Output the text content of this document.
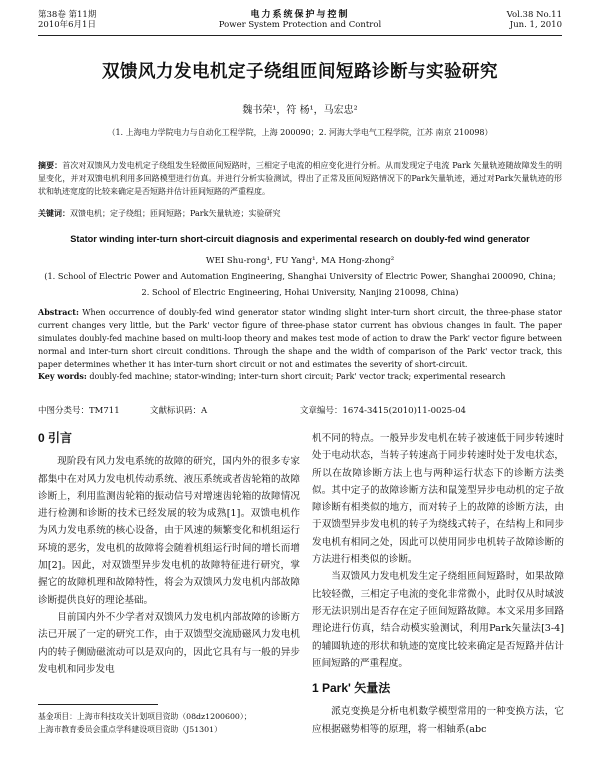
第38卷 第11期
2010年6月1日
电力系统保护与控制
Power System Protection and Control
Vol.38 No.11
Jun. 1, 2010
双馈风力发电机定子绕组匝间短路诊断与实验研究
魏书荣¹，符 杨¹，马宏忠²
（1. 上海电力学院电力与自动化工程学院，上海 200090；2. 河海大学电气工程学院，江苏 南京 210098）
摘要：首次对双馈风力发电机定子绕组发生轻微匝间短路时，三相定子电流的相应变化进行分析。从而发现定子电流 Park 矢量轨迹随故障发生的明显变化，并对双馈电机利用多回路模型进行仿真。并进行分析实验测试，得出了正常及匝间短路情况下的Park矢量轨迹，通过对Park矢量轨迹的形状和轨迹宽度的比较来确定是否短路并估计匝间短路的严重程度。
关键词：双馈电机；定子绕组；匝间短路；Park矢量轨迹；实验研究
Stator winding inter-turn short-circuit diagnosis and experimental research on doubly-fed wind generator
WEI Shu-rong¹, FU Yang¹, MA Hong-zhong²
(1. School of Electric Power and Automation Engineering, Shanghai University of Electric Power, Shanghai 200090, China;
2. School of Electric Engineering, Hohai University, Nanjing 210098, China)
Abstract: When occurrence of doubly-fed wind generator stator winding slight inter-turn short circuit, the three-phase stator current changes very little, but the Park' vector figure of three-phase stator current has obvious changes in fault. The paper simulates doubly-fed machine based on multi-loop theory and makes test mode of action to draw the Park' vector figure between normal and inter-turn short circuit conditions. Through the shape and the width of comparison of the Park' vector track, this paper determines whether it has inter-turn short circuit or not and estimates the severity of short-circuit.
Key words: doubly-fed machine; stator-winding; inter-turn short circuit; Park' vector track; experimental research
中图分类号：TM711	文献标识码：A	文章编号：1674-3415(2010)11-0025-04
0 引言

现阶段有风力发电系统的故障的研究，国内外的很多专家都集中在对风力发电机传动系统、液压系统或者齿轮箱的故障诊断上，利用监测齿轮箱的振动信号对增速齿轮箱的故障情况进行检测和诊断的技术已经发展的较为成熟[1]。双馈电机作为风力发电系统的核心设备，由于风速的频繁变化和机组运行环境的恶劣，发电机的故障将会随着机组运行时间的增长而增加[2]。因此，对双馈型异步发电机的故障特征进行研究，掌握它的故障机理和故障特性，将会为双馈风力发电机内部故障诊断提供良好的理论基础。

目前国内外不少学者对双馈风力发电机内部故障的诊断方法已开展了一定的研究工作，由于双馈型交流励磁风力发电机内的转子侧励磁流动可以是双向的，因此它具有与一般的异步发电机和同步发电

基金项目：上海市科技攻关计划项目资助（08dz1200600）；
上海市教育委员会重点学科建设项目资助（J51301）

机不同的特点。一般异步发电机在转子被速低于同步转速时处于电动状态，当转子转速高于同步转速时处于发电状态，所以在故障诊断方法上也与两种运行状态下的诊断方法类似。其中定子的故障诊断方法和鼠笼型异步电动机的定子故障诊断有相类似的地方，而对转子上的故障的诊断方法，由于双馈型异步发电机的转子为绕线式转子，在结构上和同步发电机有相同之处，因此可以使用同步电机转子故障诊断的方法进行相类似的诊断。

当双馈风力发电机发生定子绕组匝间短路时，如果故障比较轻微，三相定子电流的变化非常微小，此时仅从时域波形无法识别出是否存在定子匝间短路故障。本文采用多回路理论进行仿真，结合动模实验测试，利用Park矢量法[3-4]的辅圆轨迹的形状和轨迹的宽度比较来确定是否短路并估计匝间短路的严重程度。

1 Park' 矢量法

派克变换是分析电机数学模型常用的一种变换方法，它应根据磁势相等的原理，将一相轴系(abc
